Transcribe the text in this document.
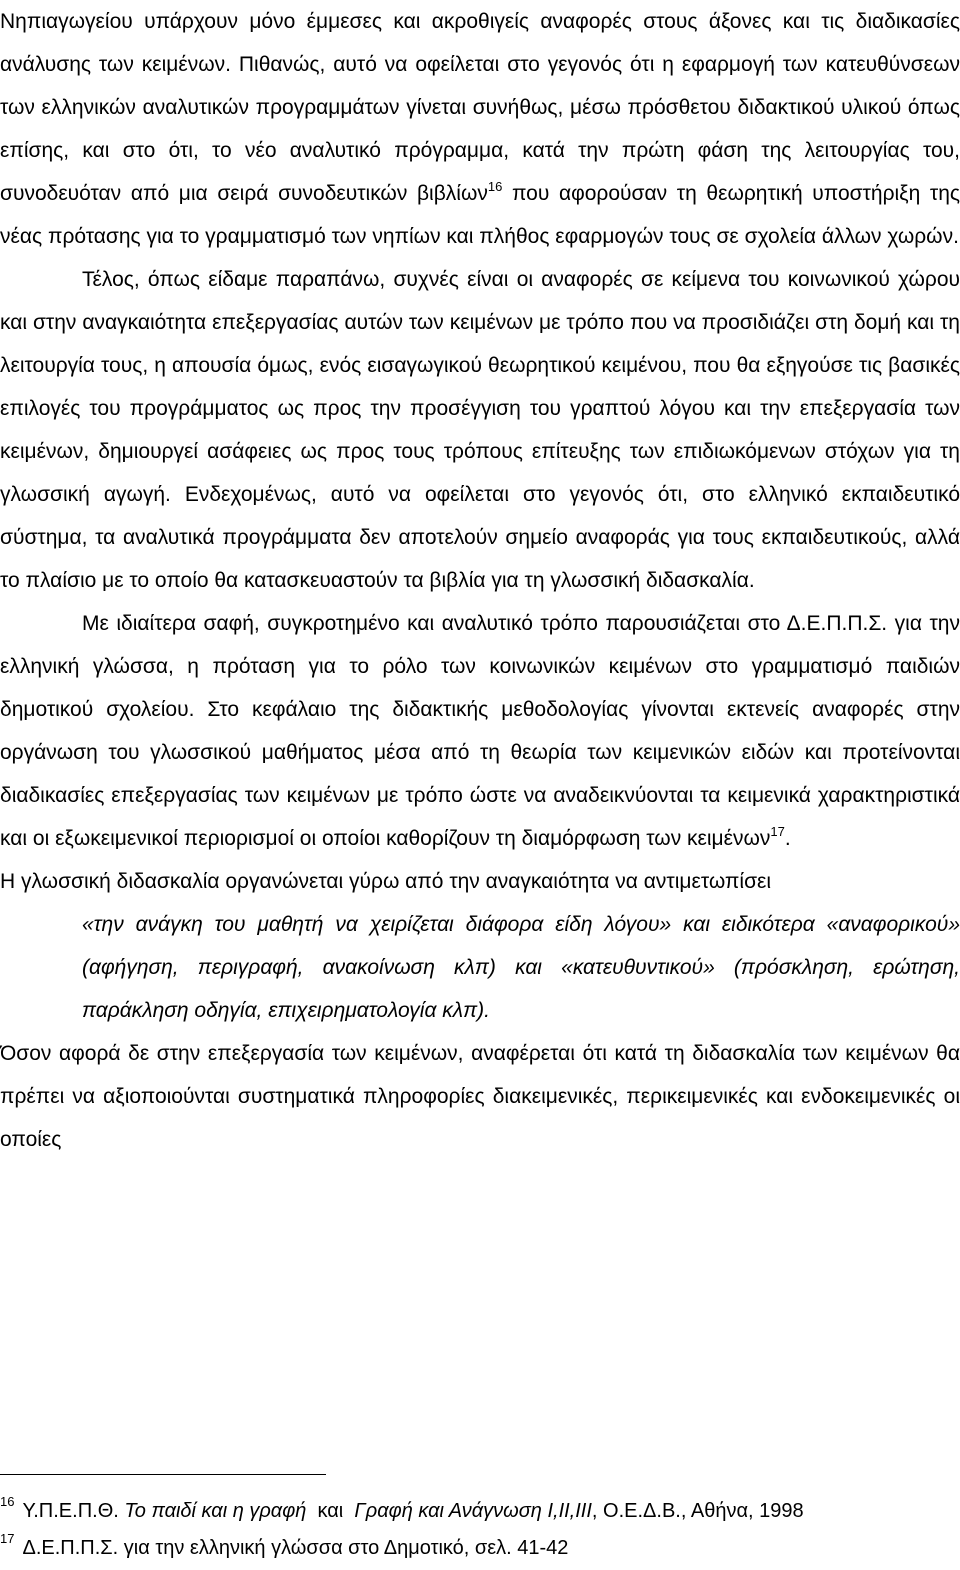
Νηπιαγωγείου υπάρχουν μόνο έμμεσες και ακροθιγείς αναφορές στους άξονες και τις διαδικασίες ανάλυσης των κειμένων. Πιθανώς, αυτό να οφείλεται στο γεγονός ότι η εφαρμογή των κατευθύνσεων των ελληνικών αναλυτικών προγραμμάτων γίνεται συνήθως, μέσω πρόσθετου διδακτικού υλικού όπως επίσης, και στο ότι, το νέο αναλυτικό πρόγραμμα, κατά την πρώτη φάση της λειτουργίας του, συνοδευόταν από μια σειρά συνοδευτικών βιβλίων$^{16}$ που αφορούσαν τη θεωρητική υποστήριξη της νέας πρότασης για το γραμματισμό των νηπίων και πλήθος εφαρμογών τους σε σχολεία άλλων χωρών.

Τέλος, όπως είδαμε παραπάνω, συχνές είναι οι αναφορές σε κείμενα του κοινωνικού χώρου και στην αναγκαιότητα επεξεργασίας αυτών των κειμένων με τρόπο που να προσιδιάζει στη δομή και τη λειτουργία τους, η απουσία όμως, ενός εισαγωγικού θεωρητικού κειμένου, που θα εξηγούσε τις βασικές επιλογές του προγράμματος ως προς την προσέγγιση του γραπτού λόγου και την επεξεργασία των κειμένων, δημιουργεί ασάφειες ως προς τους τρόπους επίτευξης των επιδιωκόμενων στόχων για τη γλωσσική αγωγή. Ενδεχομένως, αυτό να οφείλεται στο γεγονός ότι, στο ελληνικό εκπαιδευτικό σύστημα, τα αναλυτικά προγράμματα δεν αποτελούν σημείο αναφοράς για τους εκπαιδευτικούς, αλλά το πλαίσιο με το οποίο θα κατασκευαστούν τα βιβλία για τη γλωσσική διδασκαλία.

Με ιδιαίτερα σαφή, συγκροτημένο και αναλυτικό τρόπο παρουσιάζεται στο Δ.Ε.Π.Π.Σ. για την ελληνική γλώσσα, η πρόταση για το ρόλο των κοινωνικών κειμένων στο γραμματισμό παιδιών δημοτικού σχολείου. Στο κεφάλαιο της διδακτικής μεθοδολογίας γίνονται εκτενείς αναφορές στην οργάνωση του γλωσσικού μαθήματος μέσα από τη θεωρία των κειμενικών ειδών και προτείνονται διαδικασίες επεξεργασίας των κειμένων με τρόπο ώστε να αναδεικνύονται τα κειμενικά χαρακτηριστικά και οι εξωκειμενικοί περιορισμοί οι οποίοι καθορίζουν τη διαμόρφωση των κειμένων$^{17}$.

Η γλωσσική διδασκαλία οργανώνεται γύρω από την αναγκαιότητα να αντιμετωπίσει

«την ανάγκη του μαθητή να χειρίζεται διάφορα είδη λόγου» και ειδικότερα «αναφορικού» (αφήγηση, περιγραφή, ανακοίνωση κλπ) και «κατευθυντικού» (πρόσκληση, ερώτηση, παράκληση οδηγία, επιχειρηματολογία κλπ).

Όσον αφορά δε στην επεξεργασία των κειμένων, αναφέρεται ότι κατά τη διδασκαλία των κειμένων θα πρέπει να αξιοποιούνται συστηματικά πληροφορίες διακειμενικές, περικειμενικές και ενδοκειμενικές οι οποίες

$^{16}$ Υ.Π.Ε.Π.Θ. Το παιδί και η γραφή  και  Γραφή και Ανάγνωση Ι,ΙΙ,ΙΙΙ, Ο.Ε.Δ.Β., Αθήνα, 1998

$^{17}$ Δ.Ε.Π.Π.Σ. για την ελληνική γλώσσα στο Δημοτικό, σελ. 41-42
